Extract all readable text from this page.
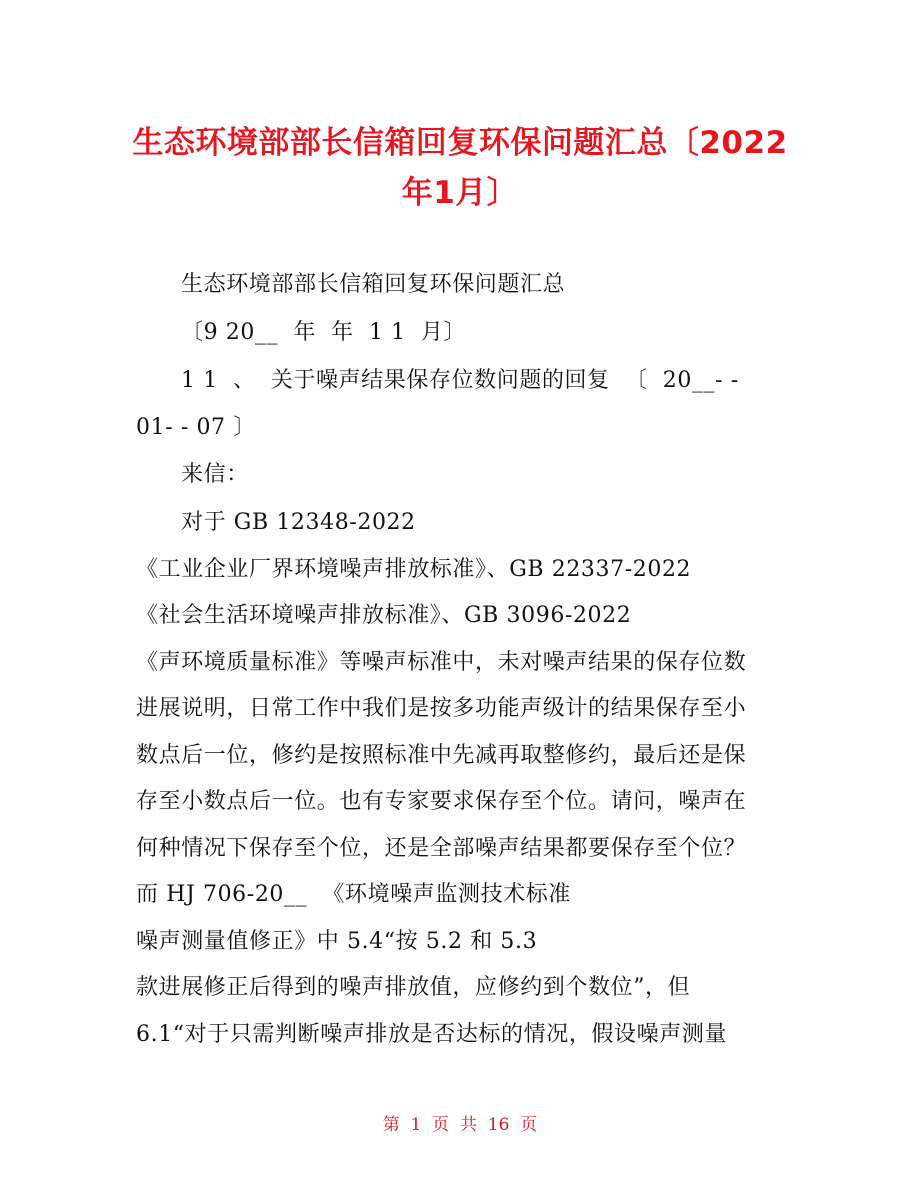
生态环境部部长信箱回复环保问题汇总〔2022
年1月〕
生态环境部部长信箱回复环保问题汇总
〔9 20__  年  年  1 1  月〕
1 1  、  关于噪声结果保存位数问题的回复  〔  20__- -
01- - 07 〕
来信：
对于 GB 12348-2022
《工业企业厂界环境噪声排放标准》、GB 22337-2022
《社会生活环境噪声排放标准》、GB 3096-2022
《声环境质量标准》等噪声标准中，未对噪声结果的保存位数
进展说明，日常工作中我们是按多功能声级计的结果保存至小
数点后一位，修约是按照标准中先减再取整修约，最后还是保
存至小数点后一位。也有专家要求保存至个位。请问，噪声在
何种情况下保存至个位，还是全部噪声结果都要保存至个位？
而 HJ 706-20__  《环境噪声监测技术标准
噪声测量值修正》中 5.4“按 5.2 和 5.3
款进展修正后得到的噪声排放值，应修约到个数位”，但
6.1“对于只需判断噪声排放是否达标的情况，假设噪声测量
第  1  页  共  16  页
